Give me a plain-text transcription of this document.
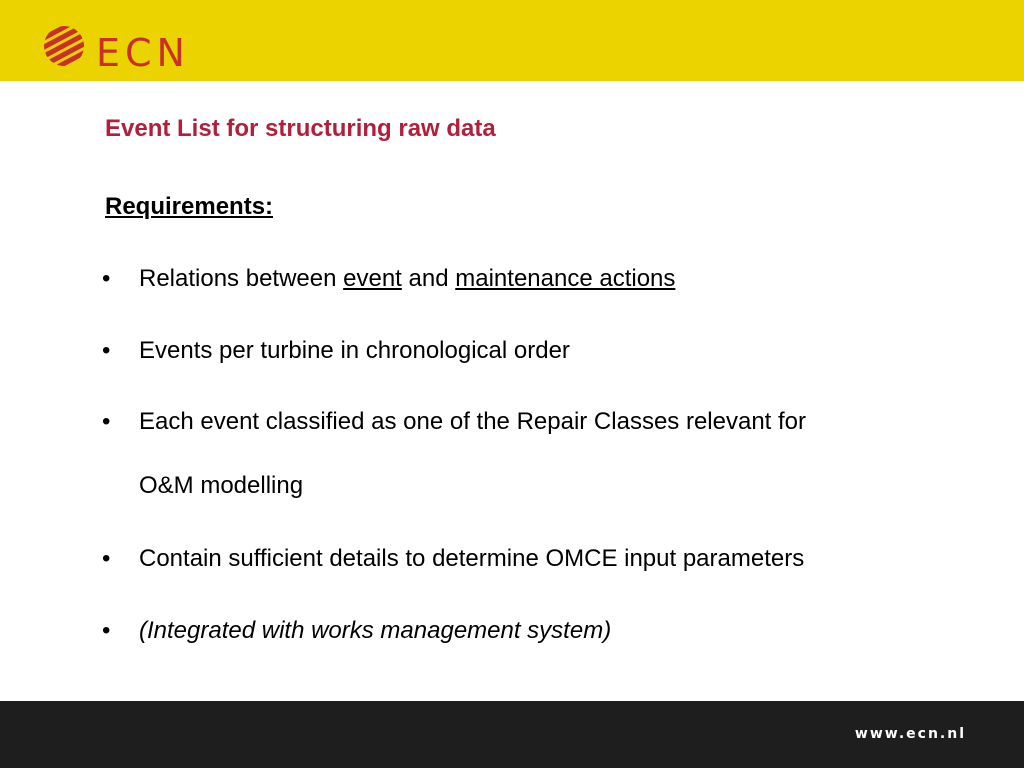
ECN
Event List for structuring raw data
Requirements:
• Relations between event and maintenance actions
• Events per turbine in chronological order
• Each event classified as one of the Repair Classes relevant for
O&M modelling
• Contain sufficient details to determine OMCE input parameters
• (Integrated with works management system)
www.ecn.nl
